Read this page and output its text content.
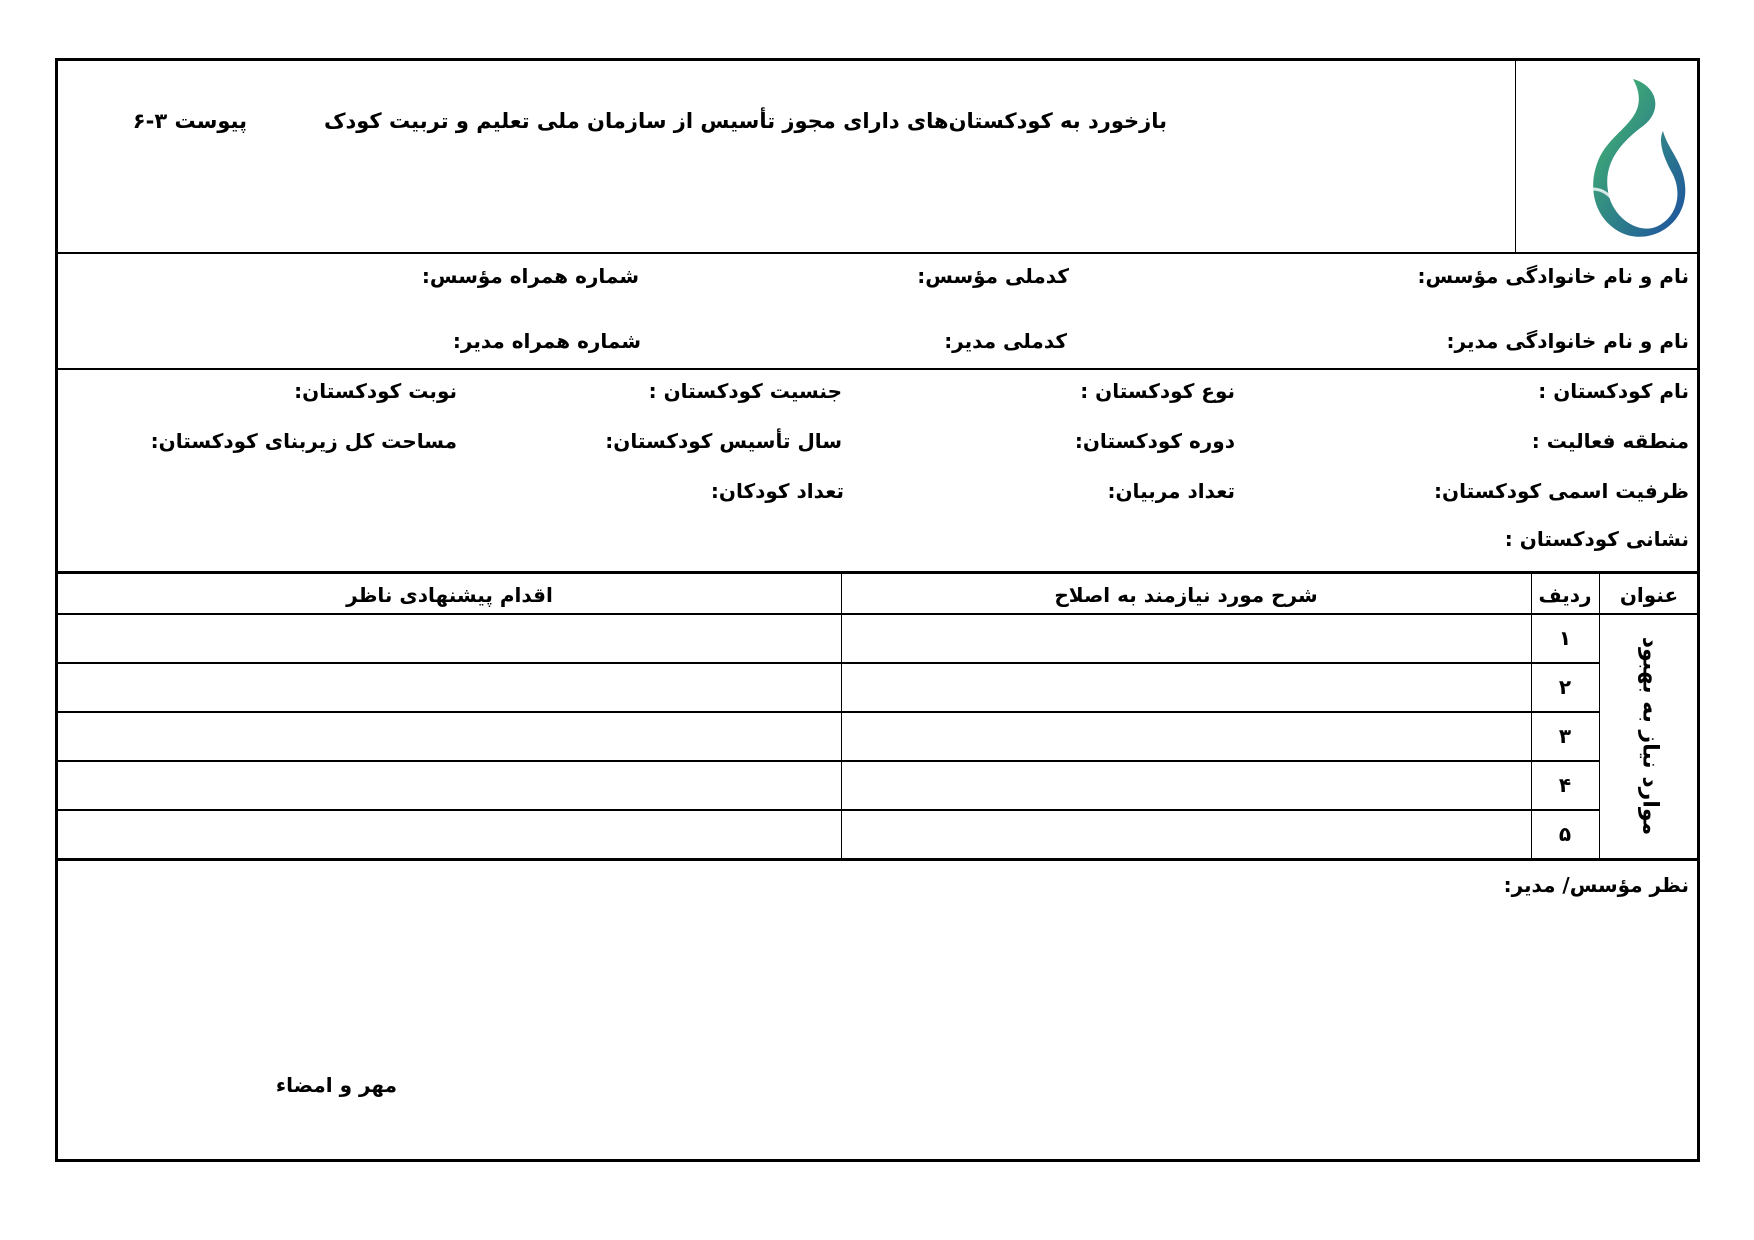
بازخورد به کودکستان‌های دارای مجوز تأسیس از سازمان ملی تعلیم و تربیت کودک
پیوست ۳-۶
نام و نام خانوادگی مؤسس:
کدملی مؤسس:
شماره همراه مؤسس:
نام و نام خانوادگی مدیر:
کدملی مدیر:
شماره همراه مدیر:
نام کودکستان :
نوع کودکستان :
جنسیت کودکستان :
نوبت کودکستان:
منطقه فعالیت :
دوره کودکستان:
سال تأسیس کودکستان:
مساحت کل زیربنای کودکستان:
ظرفیت اسمی کودکستان:
تعداد مربیان:
تعداد کودکان:
نشانی کودکستان :
عنوان
ردیف
شرح مورد نیازمند به اصلاح
اقدام پیشنهادی ناظر
۱
۲
۳
۴
۵	موارد نیاز به بهبود
نظر مؤسس/ مدیر:
مهر و امضاء
